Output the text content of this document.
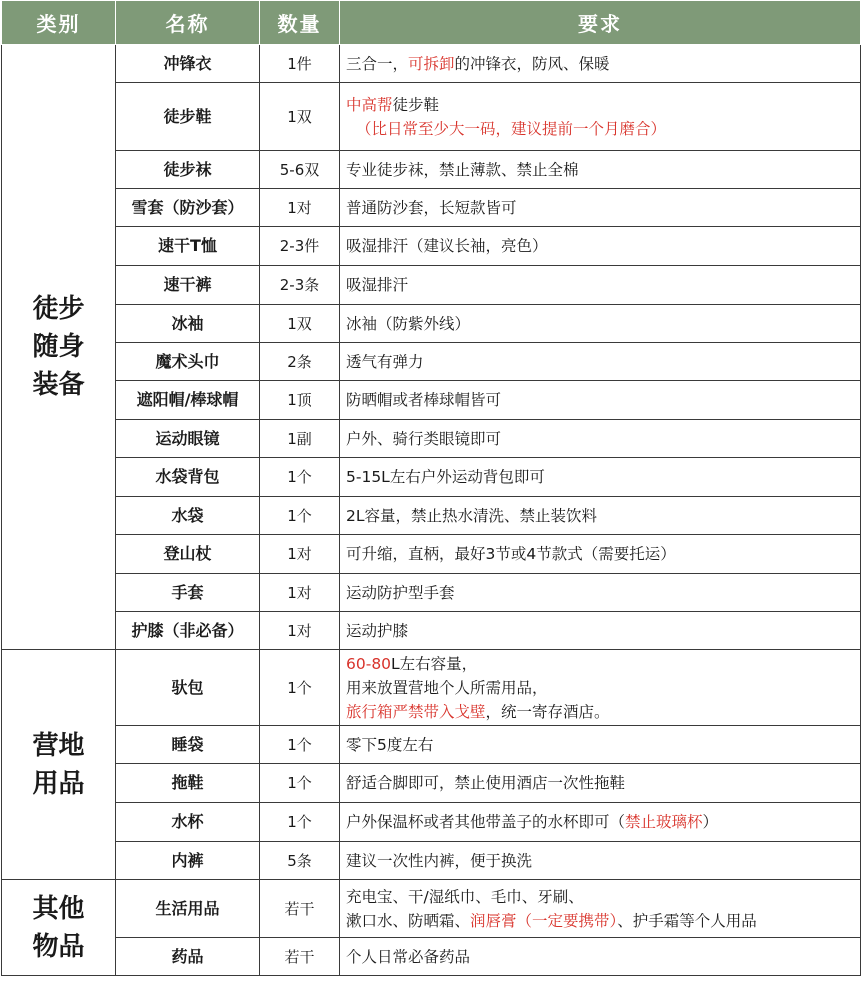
类别	名称	数量	要求

徒步
随身
装备	冲锋衣	1件	三合一，可拆卸的冲锋衣，防风、保暖
	徒步鞋	1双	中高帮徒步鞋
（比日常至少大一码，建议提前一个月磨合）

	徒步袜	5-6双	专业徒步袜，禁止薄款、禁止全棉
	雪套（防沙套）	1对	普通防沙套，长短款皆可
	速干T恤	2-3件	吸湿排汗（建议长袖，亮色）
	速干裤	2-3条	吸湿排汗
	冰袖	1双	冰袖（防紫外线）
	魔术头巾	2条	透气有弹力
	遮阳帽/棒球帽	1顶	防晒帽或者棒球帽皆可
	运动眼镜	1副	户外、骑行类眼镜即可
	水袋背包	1个	5-15L左右户外运动背包即可
	水袋	1个	2L容量，禁止热水清洗、禁止装饮料
	登山杖	1对	可升缩，直柄，最好3节或4节款式（需要托运）
	手套	1对	运动防护型手套
	护膝（非必备）	1对	运动护膝

营地
用品	驮包	1个	60-80L左右容量，
用来放置营地个人所需用品，
旅行箱严禁带入戈壁，统一寄存酒店。

	睡袋	1个	零下5度左右
	拖鞋	1个	舒适合脚即可，禁止使用酒店一次性拖鞋
	水杯	1个	户外保温杯或者其他带盖子的水杯即可（禁止玻璃杯）
	内裤	5条	建议一次性内裤，便于换洗

其他
物品	生活用品	若干	充电宝、干/湿纸巾、毛巾、牙刷、
漱口水、防晒霜、润唇膏（一定要携带）、护手霜等个人用品

	药品	若干	个人日常必备药品
